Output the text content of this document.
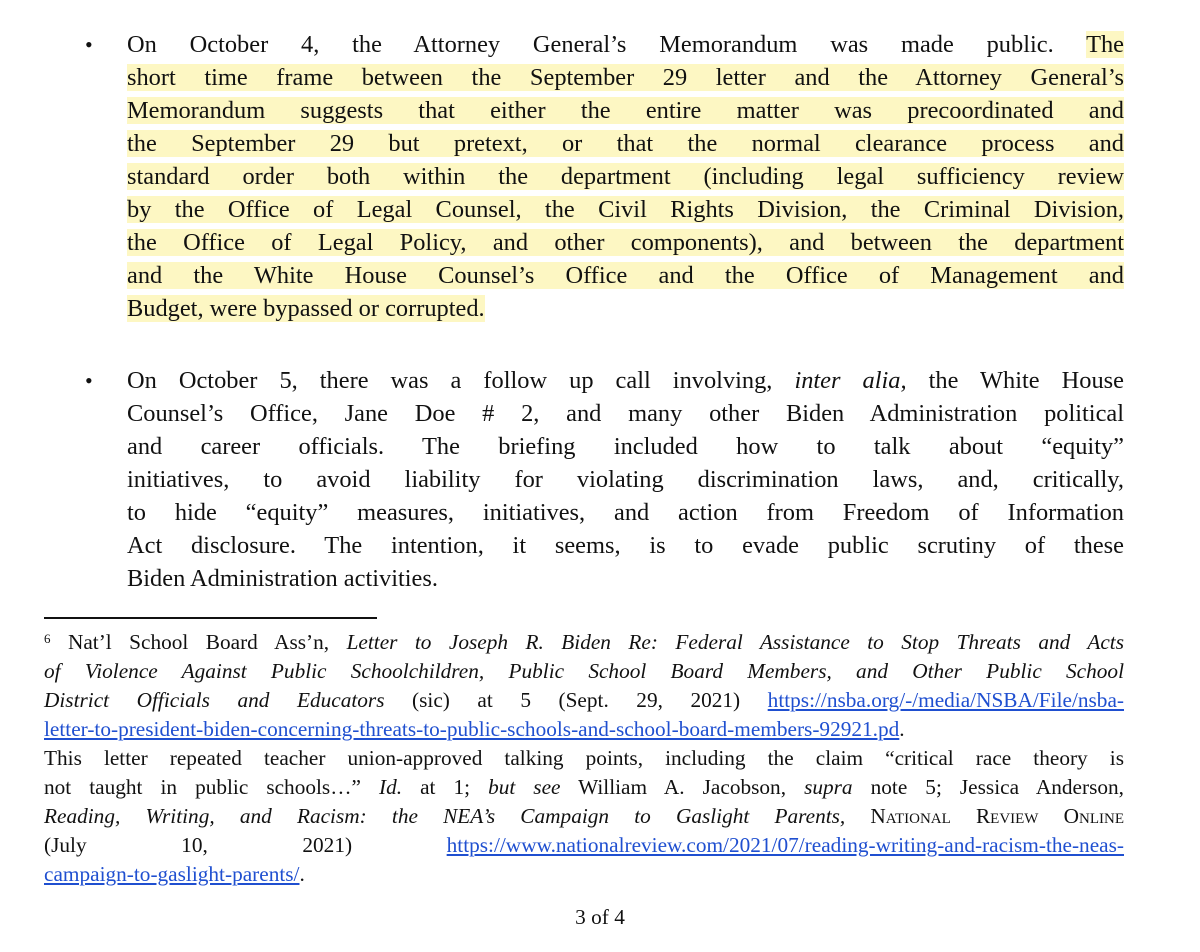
• On October 4, the Attorney General’s Memorandum was made public. The
short time frame between the September 29 letter and the Attorney General’s
Memorandum suggests that either the entire matter was precoordinated and
the September 29 but pretext, or that the normal clearance process and
standard order both within the department (including legal sufficiency review
by the Office of Legal Counsel, the Civil Rights Division, the Criminal Division,
the Office of Legal Policy, and other components), and between the department
and the White House Counsel’s Office and the Office of Management and
Budget, were bypassed or corrupted.
• On October 5, there was a follow up call involving, inter alia, the White House
Counsel’s Office, Jane Doe # 2, and many other Biden Administration political
and career officials. The briefing included how to talk about “equity”
initiatives, to avoid liability for violating discrimination laws, and, critically,
to hide “equity” measures, initiatives, and action from Freedom of Information
Act disclosure. The intention, it seems, is to evade public scrutiny of these
Biden Administration activities.
$^6$ Nat’l School Board Ass’n, Letter to Joseph R. Biden Re: Federal Assistance to Stop Threats and Acts
of Violence Against Public Schoolchildren, Public School Board Members, and Other Public School
District Officials and Educators (sic) at 5 (Sept. 29, 2021) https://nsba.org/-/media/NSBA/File/nsba-
letter-to-president-biden-concerning-threats-to-public-schools-and-school-board-members-92921.pd.
This letter repeated teacher union-approved talking points, including the claim “critical race theory is
not taught in public schools…” Id. at 1; but see William A. Jacobson, supra note 5; Jessica Anderson,
Reading, Writing, and Racism: the NEA’s Campaign to Gaslight Parents, National Review Online
(July 10, 2021) https://www.nationalreview.com/2021/07/reading-writing-and-racism-the-neas-
campaign-to-gaslight-parents/.
3 of 4
